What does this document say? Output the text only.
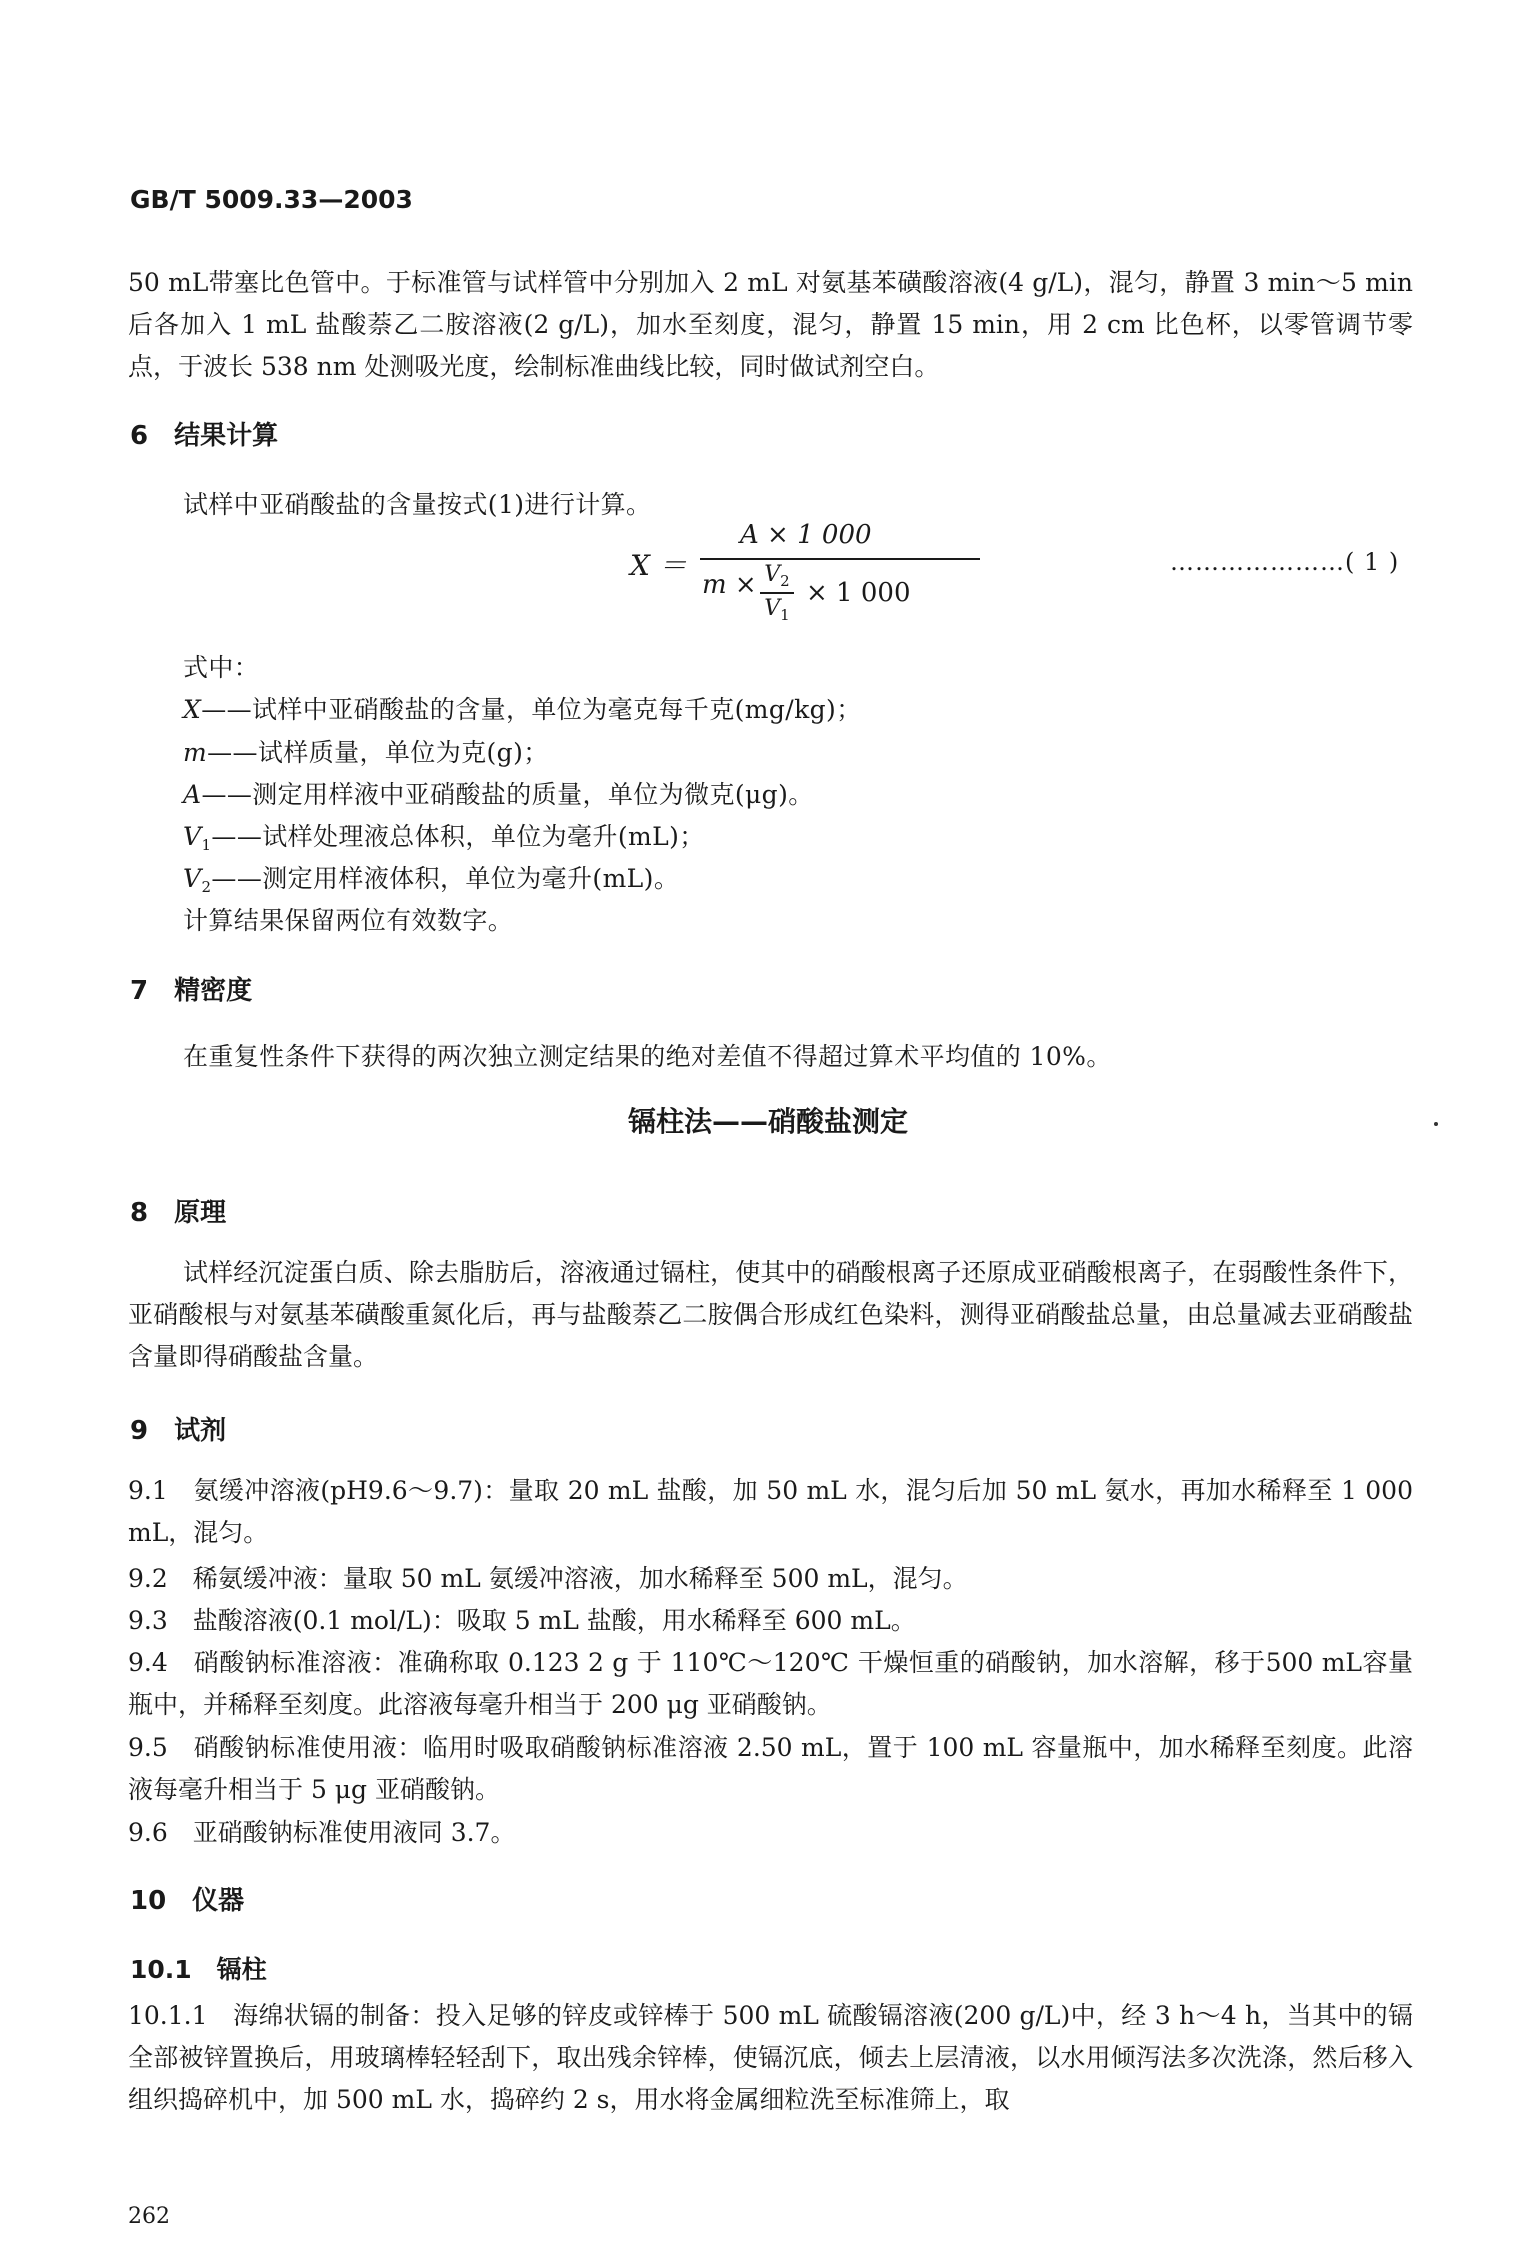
GB/T 5009.33—2003
50 mL带塞比色管中。于标准管与试样管中分别加入 2 mL 对氨基苯磺酸溶液(4 g/L)，混匀，静置 3 min～5 min 后各加入 1 mL 盐酸萘乙二胺溶液(2 g/L)，加水至刻度，混匀，静置 15 min，用 2 cm 比色杯，以零管调节零点，于波长 538 nm 处测吸光度，绘制标准曲线比较，同时做试剂空白。
6　结果计算
试样中亚硝酸盐的含量按式(1)进行计算。
X ＝
A × 1 000
$m \times V_2$
$V_1$
× 1 000
…………………( 1 )
式中：
X——试样中亚硝酸盐的含量，单位为毫克每千克(mg/kg)；
m——试样质量，单位为克(g)；
A——测定用样液中亚硝酸盐的质量，单位为微克(μg)。
$V_1——$试样处理液总体积，单位为毫升(mL)；
$V_2——$测定用样液体积，单位为毫升(mL)。
计算结果保留两位有效数字。
7　精密度
在重复性条件下获得的两次独立测定结果的绝对差值不得超过算术平均值的 10%。
镉柱法——硝酸盐测定
8　原理
试样经沉淀蛋白质、除去脂肪后，溶液通过镉柱，使其中的硝酸根离子还原成亚硝酸根离子，在弱酸性条件下，亚硝酸根与对氨基苯磺酸重氮化后，再与盐酸萘乙二胺偶合形成红色染料，测得亚硝酸盐总量，由总量减去亚硝酸盐含量即得硝酸盐含量。
9　试剂
9.1　氨缓冲溶液(pH9.6～9.7)：量取 20 mL 盐酸，加 50 mL 水，混匀后加 50 mL 氨水，再加水稀释至 1 000 mL，混匀。
9.2　稀氨缓冲液：量取 50 mL 氨缓冲溶液，加水稀释至 500 mL，混匀。
9.3　盐酸溶液(0.1 mol/L)：吸取 5 mL 盐酸，用水稀释至 600 mL。
9.4　硝酸钠标准溶液：准确称取 0.123 2 g 于 110℃～120℃ 干燥恒重的硝酸钠，加水溶解，移于500 mL容量瓶中，并稀释至刻度。此溶液每毫升相当于 200 μg 亚硝酸钠。
9.5　硝酸钠标准使用液：临用时吸取硝酸钠标准溶液 2.50 mL，置于 100 mL 容量瓶中，加水稀释至刻度。此溶液每毫升相当于 5 μg 亚硝酸钠。
9.6　亚硝酸钠标准使用液同 3.7。
10　仪器
10.1　镉柱
10.1.1　海绵状镉的制备：投入足够的锌皮或锌棒于 500 mL 硫酸镉溶液(200 g/L)中，经 3 h～4 h，当其中的镉全部被锌置换后，用玻璃棒轻轻刮下，取出残余锌棒，使镉沉底，倾去上层清液，以水用倾泻法多次洗涤，然后移入组织捣碎机中，加 500 mL 水，捣碎约 2 s，用水将金属细粒洗至标准筛上，取
262
